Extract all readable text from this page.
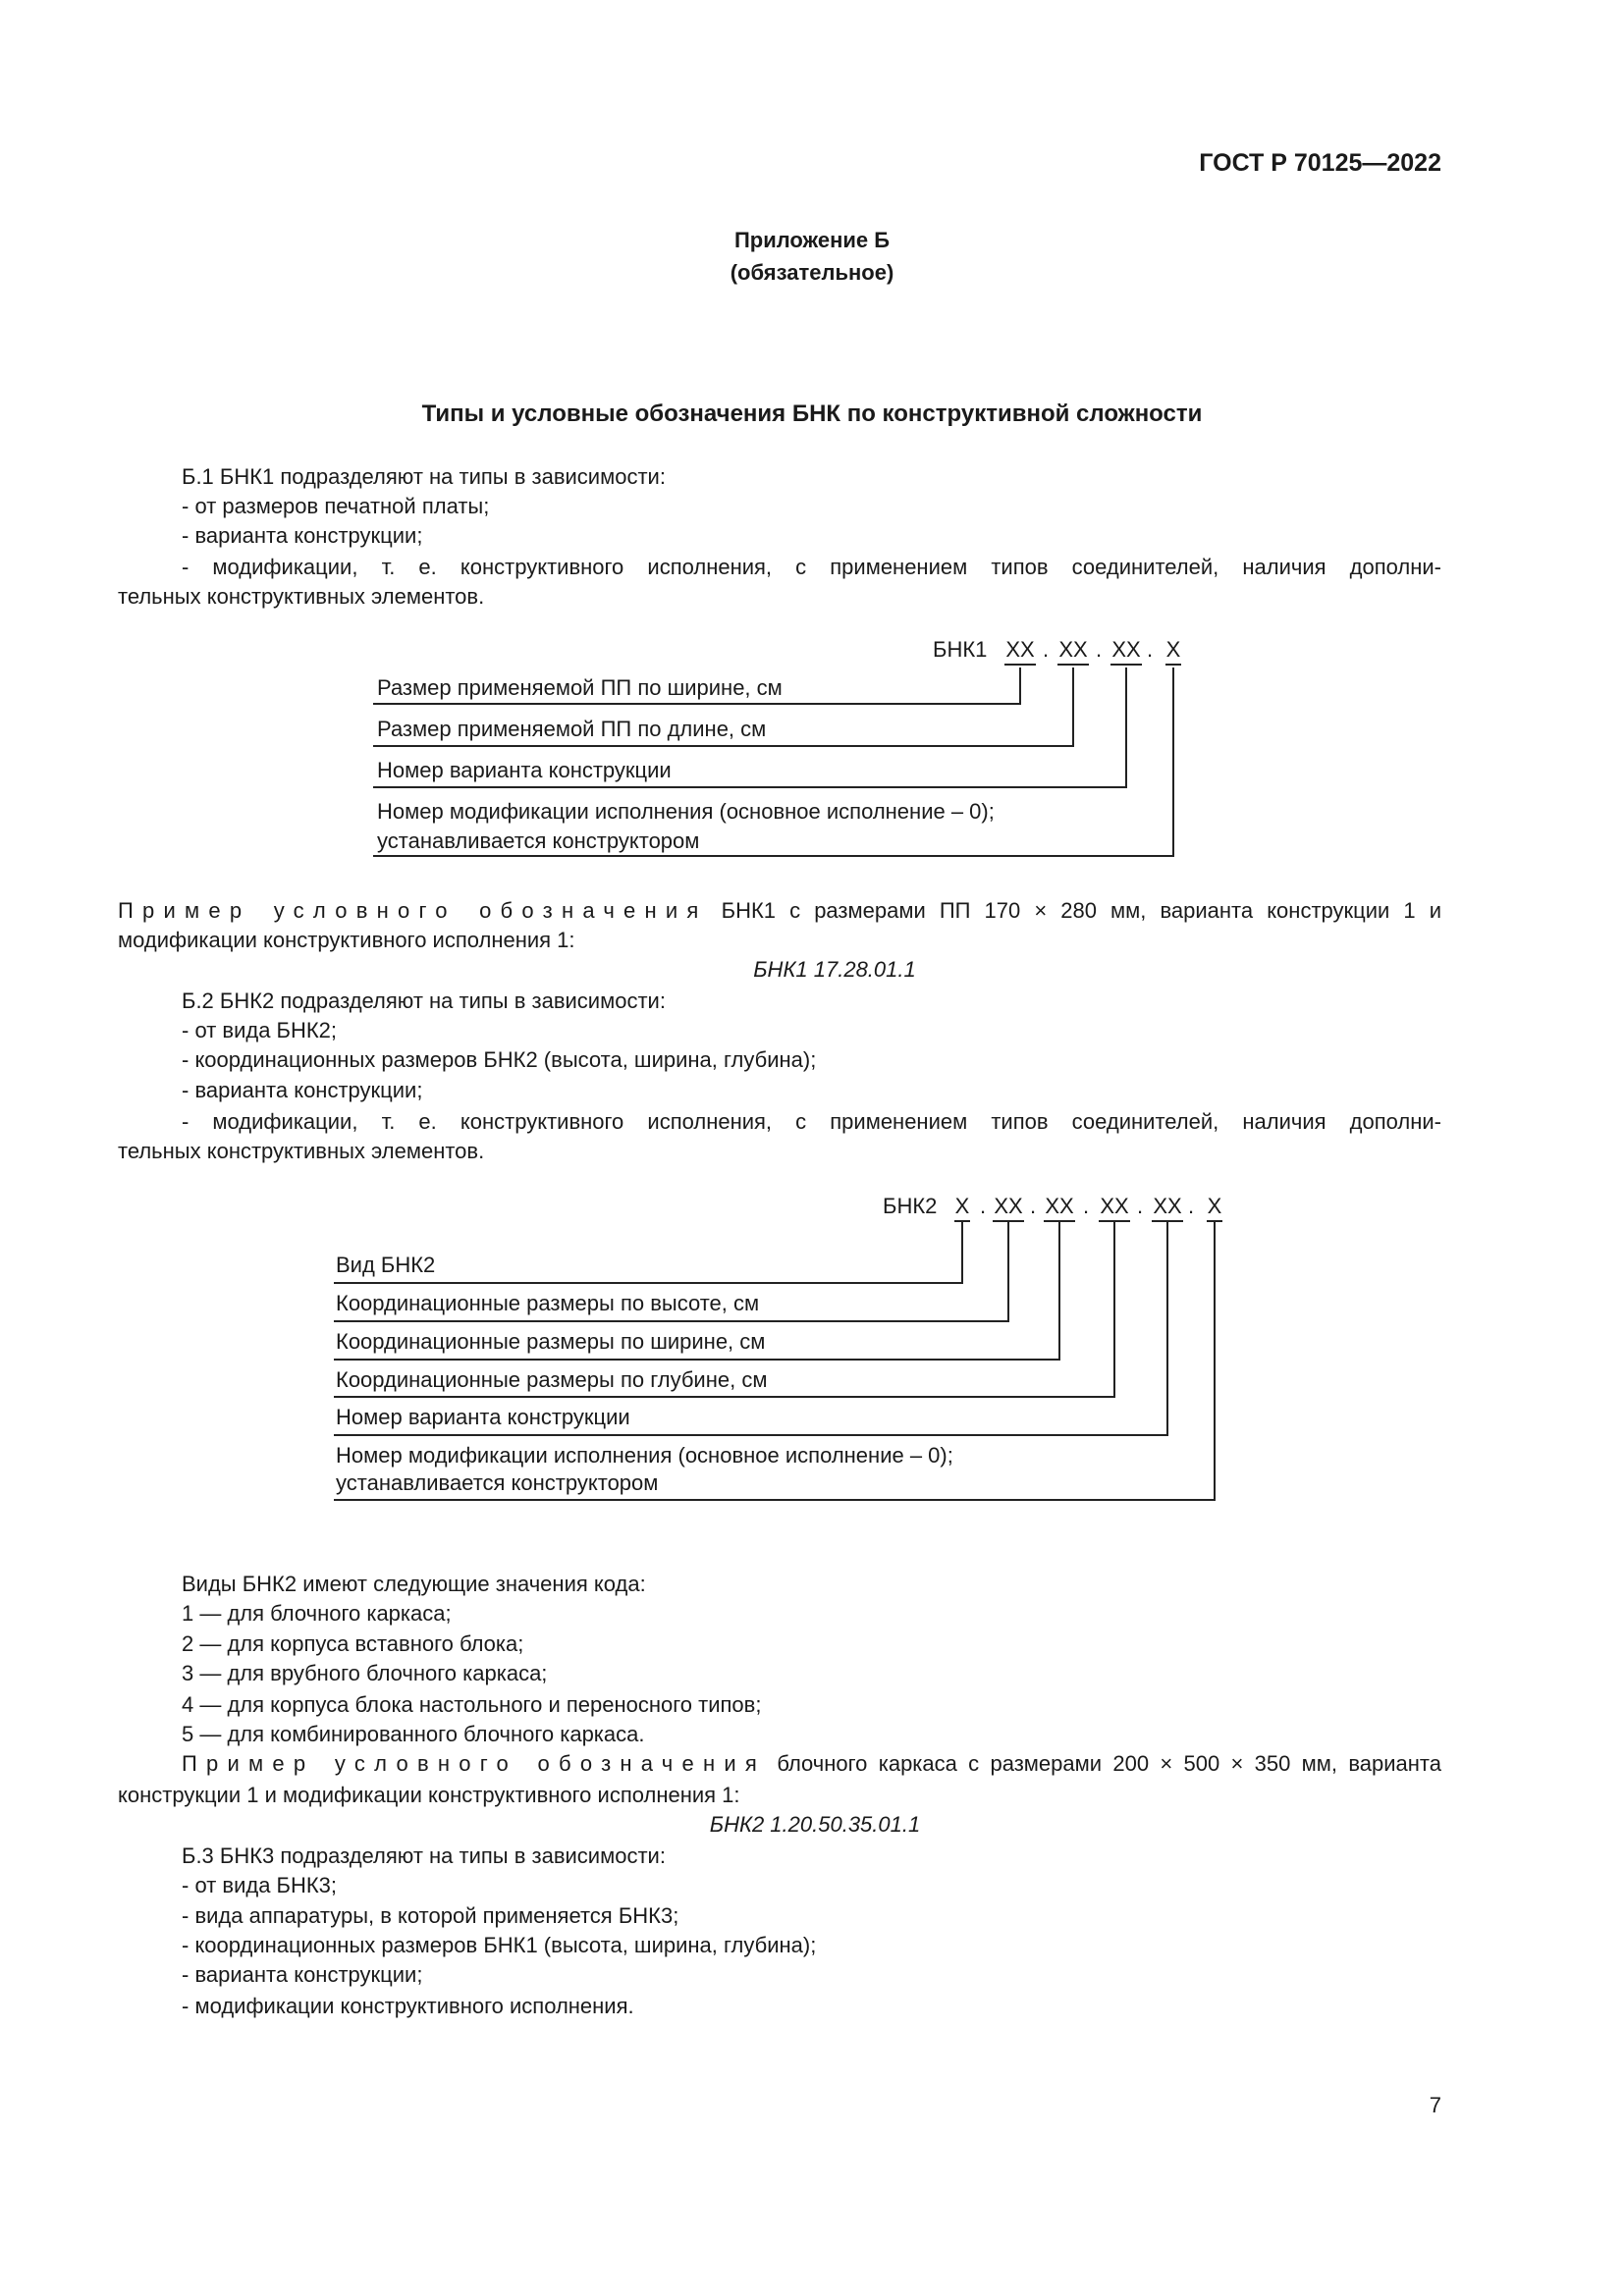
ГОСТ Р 70125—2022
Приложение Б
(обязательное)
Типы и условные обозначения БНК по конструктивной сложности
Б.1 БНК1 подразделяют на типы в зависимости:
- от размеров печатной платы;
- варианта конструкции;
- модификации, т. е. конструктивного исполнения, с применением типов соединителей, наличия дополни-
тельных конструктивных элементов.
БНК1 XX . XX . XX . X
Размер применяемой ПП по ширине, см
Размер применяемой ПП по длине, см
Номер варианта конструкции
Номер модификации исполнения (основное исполнение – 0);
устанавливается конструктором
Пример условного обозначения БНК1 с размерами ПП 170 × 280 мм, варианта конструкции 1 и
модификации конструктивного исполнения 1:
БНК1 17.28.01.1
Б.2 БНК2 подразделяют на типы в зависимости:
- от вида БНК2;
- координационных размеров БНК2 (высота, ширина, глубина);
- варианта конструкции;
- модификации, т. е. конструктивного исполнения, с применением типов соединителей, наличия дополни-
тельных конструктивных элементов.
БНК2 X . XX . XX . XX . XX . X
Вид БНК2
Координационные размеры по высоте, см
Координационные размеры по ширине, см
Координационные размеры по глубине, см
Номер варианта конструкции
Номер модификации исполнения (основное исполнение – 0);
устанавливается конструктором
Виды БНК2 имеют следующие значения кода:
1 — для блочного каркаса;
2 — для корпуса вставного блока;
3 — для врубного блочного каркаса;
4 — для корпуса блока настольного и переносного типов;
5 — для комбинированного блочного каркаса.
Пример условного обозначения блочного каркаса с размерами 200 × 500 × 350 мм, варианта
конструкции 1 и модификации конструктивного исполнения 1:
БНК2 1.20.50.35.01.1
Б.3 БНК3 подразделяют на типы в зависимости:
- от вида БНК3;
- вида аппаратуры, в которой применяется БНК3;
- координационных размеров БНК1 (высота, ширина, глубина);
- варианта конструкции;
- модификации конструктивного исполнения.
7
